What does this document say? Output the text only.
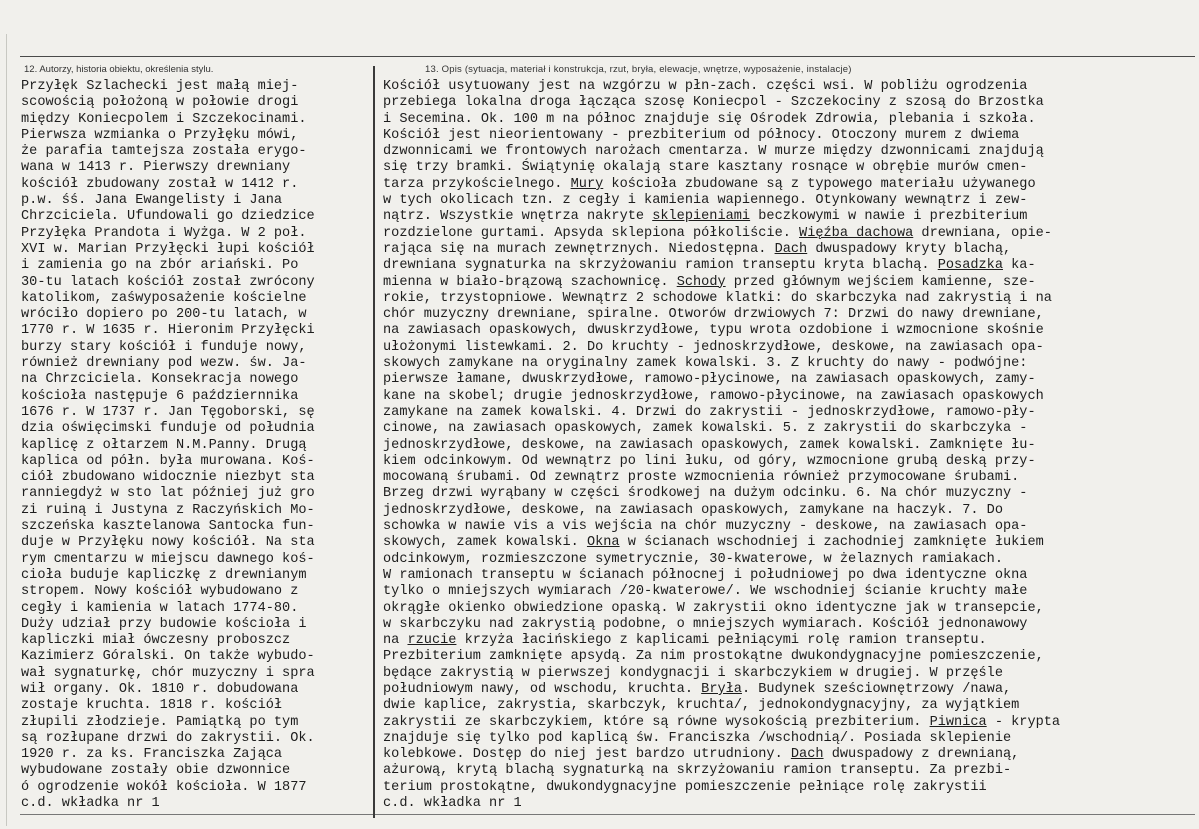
12. Autorzy, historia obiektu, określenia stylu.	13. Opis (sytuacja, materiał i konstrukcja, rzut, bryła, elewacje, wnętrze, wyposażenie, instalacje)
Przyłęk Szlachecki jest małą miej-
scowością położoną w połowie drogi
między Koniecpolem i Szczekocinami.
Pierwsza wzmianka o Przyłęku mówi,
że parafia tamtejsza została erygo-
wana w 1413 r. Pierwszy drewniany
kościół zbudowany został w 1412 r.
p.w. śś. Jana Ewangelisty i Jana
Chrzciciela. Ufundowali go dziedzice
Przyłęka Prandota i Wyżga. W 2 poł.
XVI w. Marian Przyłęcki łupi kościół
i zamienia go na zbór ariański. Po
30-tu latach kościół został zwrócony
katolikom, zaśwyposażenie kościelne
wróciło dopiero po 200-tu latach, w
1770 r. W 1635 r. Hieronim Przyłęcki
burzy stary kościół i funduje nowy,
również drewniany pod wezw. św. Ja-
na Chrzciciela. Konsekracja nowego
kościoła następuje 6 październnika
1676 r. W 1737 r. Jan Tęgoborski, sę
dzia oświęcimski funduje od południa
kaplicę z ołtarzem N.M.Panny. Drugą
kaplica od półn. była murowana. Koś-
ciół zbudowano widocznie niezbyt sta
ranniegdyż w sto lat później już gro
zi ruiną i Justyna z Raczyńskich Mo-
szczeńska kasztelanowa Santocka fun-
duje w Przyłęku nowy kościół. Na sta
rym cmentarzu w miejscu dawnego koś-
cioła buduje kapliczkę z drewnianym
stropem. Nowy kościół wybudowano z
cegły i kamienia w latach 1774-80.
Duży udział przy budowie kościoła i
kapliczki miał ówczesny proboszcz
Kazimierz Góralski. On także wybudo-
wał sygnaturkę, chór muzyczny i spra
wił organy. Ok. 1810 r. dobudowana
zostaje kruchta. 1818 r. kościół
złupili złodzieje. Pamiątką po tym
są rozłupane drzwi do zakrystii. Ok.
1920 r. za ks. Franciszka Zająca
wybudowane zostały obie dzwonnice
ó ogrodzenie wokół kościoła. W 1877
c.d. wkładka nr 1
Kościół usytuowany jest na wzgórzu w płn-zach. części wsi. W pobliżu ogrodzenia
przebiega lokalna droga łącząca szosę Koniecpol - Szczekociny z szosą do Brzostka
i Secemina. Ok. 100 m na północ znajduje się Ośrodek Zdrowia, plebania i szkoła.
Kościół jest nieorientowany - prezbiterium od północy. Otoczony murem z dwiema
dzwonnicami we frontowych narożach cmentarza. W murze między dzwonnicami znajdują
się trzy bramki. Świątynię okalają stare kasztany rosnące w obrębie murów cmen-
tarza przykościelnego. Mury kościoła zbudowane są z typowego materiału używanego
w tych okolicach tzn. z cegły i kamienia wapiennego. Otynkowany wewnątrz i zew-
nątrz. Wszystkie wnętrza nakryte sklepieniami beczkowymi w nawie i prezbiterium
rozdzielone gurtami. Apsyda sklepiona półkoliście. Więźba dachowa drewniana, opie-
rająca się na murach zewnętrznych. Niedostępna. Dach dwuspadowy kryty blachą,
drewniana sygnaturka na skrzyżowaniu ramion transeptu kryta blachą. Posadzka ka-
mienna w biało-brązową szachownicę. Schody przed głównym wejściem kamienne, sze-
rokie, trzystopniowe. Wewnątrz 2 schodowe klatki: do skarbczyka nad zakrystią i na
chór muzyczny drewniane, spiralne. Otworów drzwiowych 7: Drzwi do nawy drewniane,
na zawiasach opaskowych, dwuskrzydłowe, typu wrota ozdobione i wzmocnione skośnie
ułożonymi listewkami. 2. Do kruchty - jednoskrzydłowe, deskowe, na zawiasach opa-
skowych zamykane na oryginalny zamek kowalski. 3. Z kruchty do nawy - podwójne:
pierwsze łamane, dwuskrzydłowe, ramowo-płycinowe, na zawiasach opaskowych, zamy-
kane na skobel; drugie jednoskrzydłowe, ramowo-płycinowe, na zawiasach opaskowych
zamykane na zamek kowalski. 4. Drzwi do zakrystii - jednoskrzydłowe, ramowo-pły-
cinowe, na zawiasach opaskowych, zamek kowalski. 5. z zakrystii do skarbczyka -
jednoskrzydłowe, deskowe, na zawiasach opaskowych, zamek kowalski. Zamknięte łu-
kiem odcinkowym. Od wewnątrz po lini łuku, od góry, wzmocnione grubą deską przy-
mocowaną śrubami. Od zewnątrz proste wzmocnienia również przymocowane śrubami.
Brzeg drzwi wyrąbany w części środkowej na dużym odcinku. 6. Na chór muzyczny -
jednoskrzydłowe, deskowe, na zawiasach opaskowych, zamykane na haczyk. 7. Do
schowka w nawie vis a vis wejścia na chór muzyczny - deskowe, na zawiasach opa-
skowych, zamek kowalski. Okna w ścianach wschodniej i zachodniej zamknięte łukiem
odcinkowym, rozmieszczone symetrycznie, 30-kwaterowe, w żelaznych ramiakach.
W ramionach transeptu w ścianach północnej i południowej po dwa identyczne okna
tylko o mniejszych wymiarach /20-kwaterowe/. We wschodniej ścianie kruchty małe
okrągłe okienko obwiedzione opaską. W zakrystii okno identyczne jak w transepcie,
w skarbczyku nad zakrystią podobne, o mniejszych wymiarach. Kościół jednonawowy
na rzucie krzyża łacińskiego z kaplicami pełniącymi rolę ramion transeptu.
Prezbiterium zamknięte apsydą. Za nim prostokątne dwukondygnacyjne pomieszczenie,
będące zakrystią w pierwszej kondygnacji i skarbczykiem w drugiej. W przęśle
południowym nawy, od wschodu, kruchta. Bryła. Budynek sześciownętrzowy /nawa,
dwie kaplice, zakrystia, skarbczyk, kruchta/, jednokondygnacyjny, za wyjątkiem
zakrystii ze skarbczykiem, które są równe wysokością prezbiterium. Piwnica - krypta
znajduje się tylko pod kaplicą św. Franciszka /wschodnią/. Posiada sklepienie
kolebkowe. Dostęp do niej jest bardzo utrudniony. Dach dwuspadowy z drewnianą,
ażurową, krytą blachą sygnaturką na skrzyżowaniu ramion transeptu. Za prezbi-
terium prostokątne, dwukondygnacyjne pomieszczenie pełniące rolę zakrystii
c.d. wkładka nr 1
